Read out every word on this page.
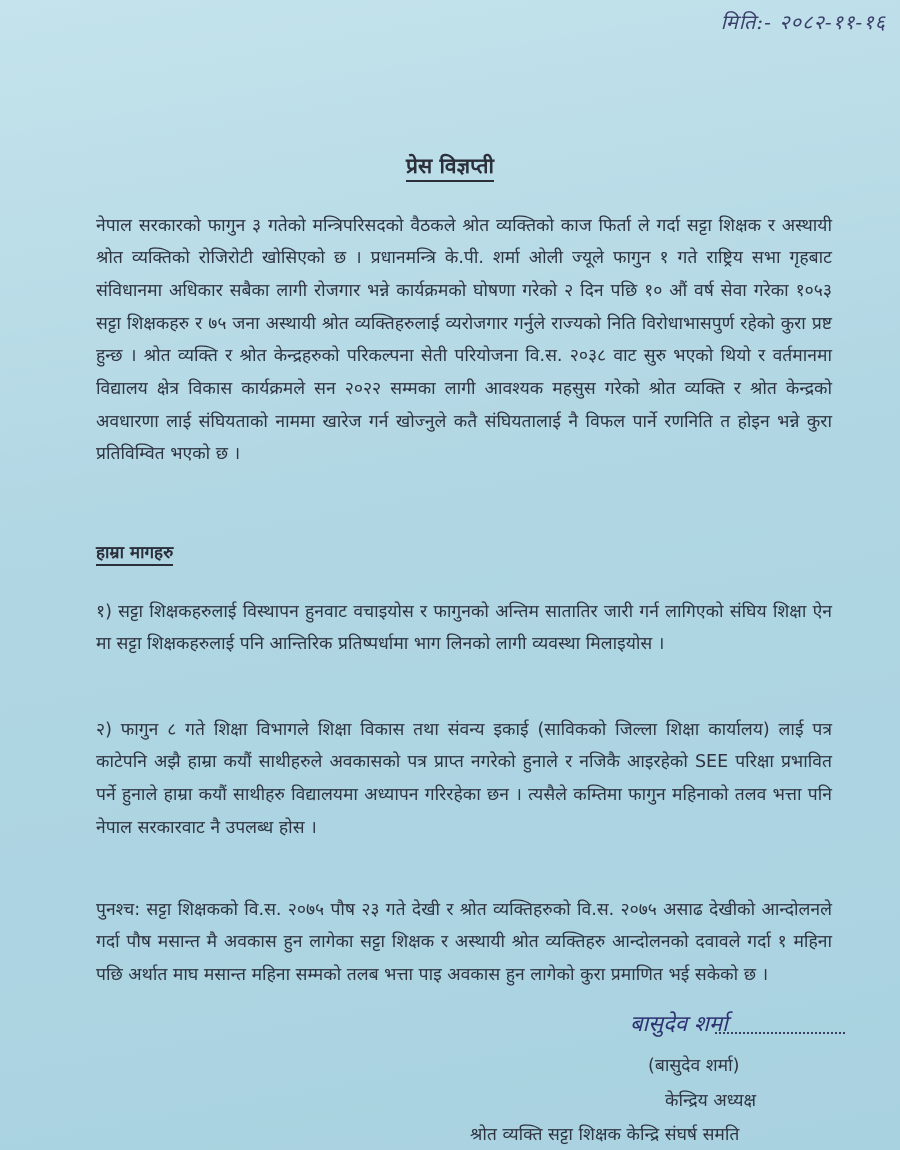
मिति:- २०८२-११-१६
प्रेस विज्ञप्ती

नेपाल सरकारको फागुन ३ गतेको मन्त्रिपरिसदको वैठकले श्रोत व्यक्तिको काज फिर्ता ले गर्दा सट्टा शिक्षक र अस्थायी श्रोत व्यक्तिको रोजिरोटी खोसिएको छ । प्रधानमन्त्रि के.पी. शर्मा ओली ज्यूले फागुन १ गते राष्ट्रिय सभा गृहबाट संविधानमा अधिकार सबैका लागी रोजगार भन्ने कार्यक्रमको घोषणा गरेको २ दिन पछि १० औं वर्ष सेवा गरेका १०५३ सट्टा शिक्षकहरु र ७५ जना अस्थायी श्रोत व्यक्तिहरुलाई व्यरोजगार गर्नुले राज्यको निति विरोधाभासपुर्ण रहेको कुरा प्रष्ट हुन्छ । श्रोत व्यक्ति र श्रोत केन्द्रहरुको परिकल्पना सेती परियोजना वि.स. २०३८ वाट सुरु भएको थियो र वर्तमानमा विद्यालय क्षेत्र विकास कार्यक्रमले सन २०२२ सम्मका लागी आवश्यक महसुस गरेको श्रोत व्यक्ति र श्रोत केन्द्रको अवधारणा लाई संघियताको नाममा खारेज गर्न खोज्नुले कतै संघियतालाई नै विफल पार्ने रणनिति त होइन भन्ने कुरा प्रतिविम्वित भएको छ ।

हाम्रा मागहरु

१) सट्टा शिक्षकहरुलाई विस्थापन हुनवाट वचाइयोस र फागुनको अन्तिम सातातिर जारी गर्न लागिएको संघिय शिक्षा ऐन मा सट्टा शिक्षकहरुलाई पनि आन्तिरिक प्रतिष्पर्धामा भाग लिनको लागी व्यवस्था मिलाइयोस ।

२) फागुन ८ गते शिक्षा विभागले शिक्षा विकास तथा संवन्य इकाई (साविकको जिल्ला शिक्षा कार्यालय) लाई पत्र काटेपनि अझै हाम्रा कयौं साथीहरुले अवकासको पत्र प्राप्त नगरेको हुनाले र नजिकै आइरहेको SEE परिक्षा प्रभावित पर्ने हुनाले हाम्रा कयौं साथीहरु विद्यालयमा अध्यापन गरिरहेका छन । त्यसैले कम्तिमा फागुन महिनाको तलव भत्ता पनि नेपाल सरकारवाट नै उपलब्ध होस ।

पुनश्च: सट्टा शिक्षकको वि.स. २०७५ पौष २३ गते देखी र श्रोत व्यक्तिहरुको वि.स. २०७५ असाढ देखीको आन्दोलनले गर्दा पौष मसान्त मै अवकास हुन लागेका सट्टा शिक्षक र अस्थायी श्रोत व्यक्तिहरु आन्दोलनको दवावले गर्दा १ महिना पछि अर्थात माघ मसान्त महिना सम्मको तलब भत्ता पाइ अवकास हुन लागेको कुरा प्रमाणित भई सकेको छ ।

बासुदेव शर्मा
(बासुदेव शर्मा)
केन्द्रिय अध्यक्ष
श्रोत व्यक्ति सट्टा शिक्षक केन्द्रि संघर्ष समति
